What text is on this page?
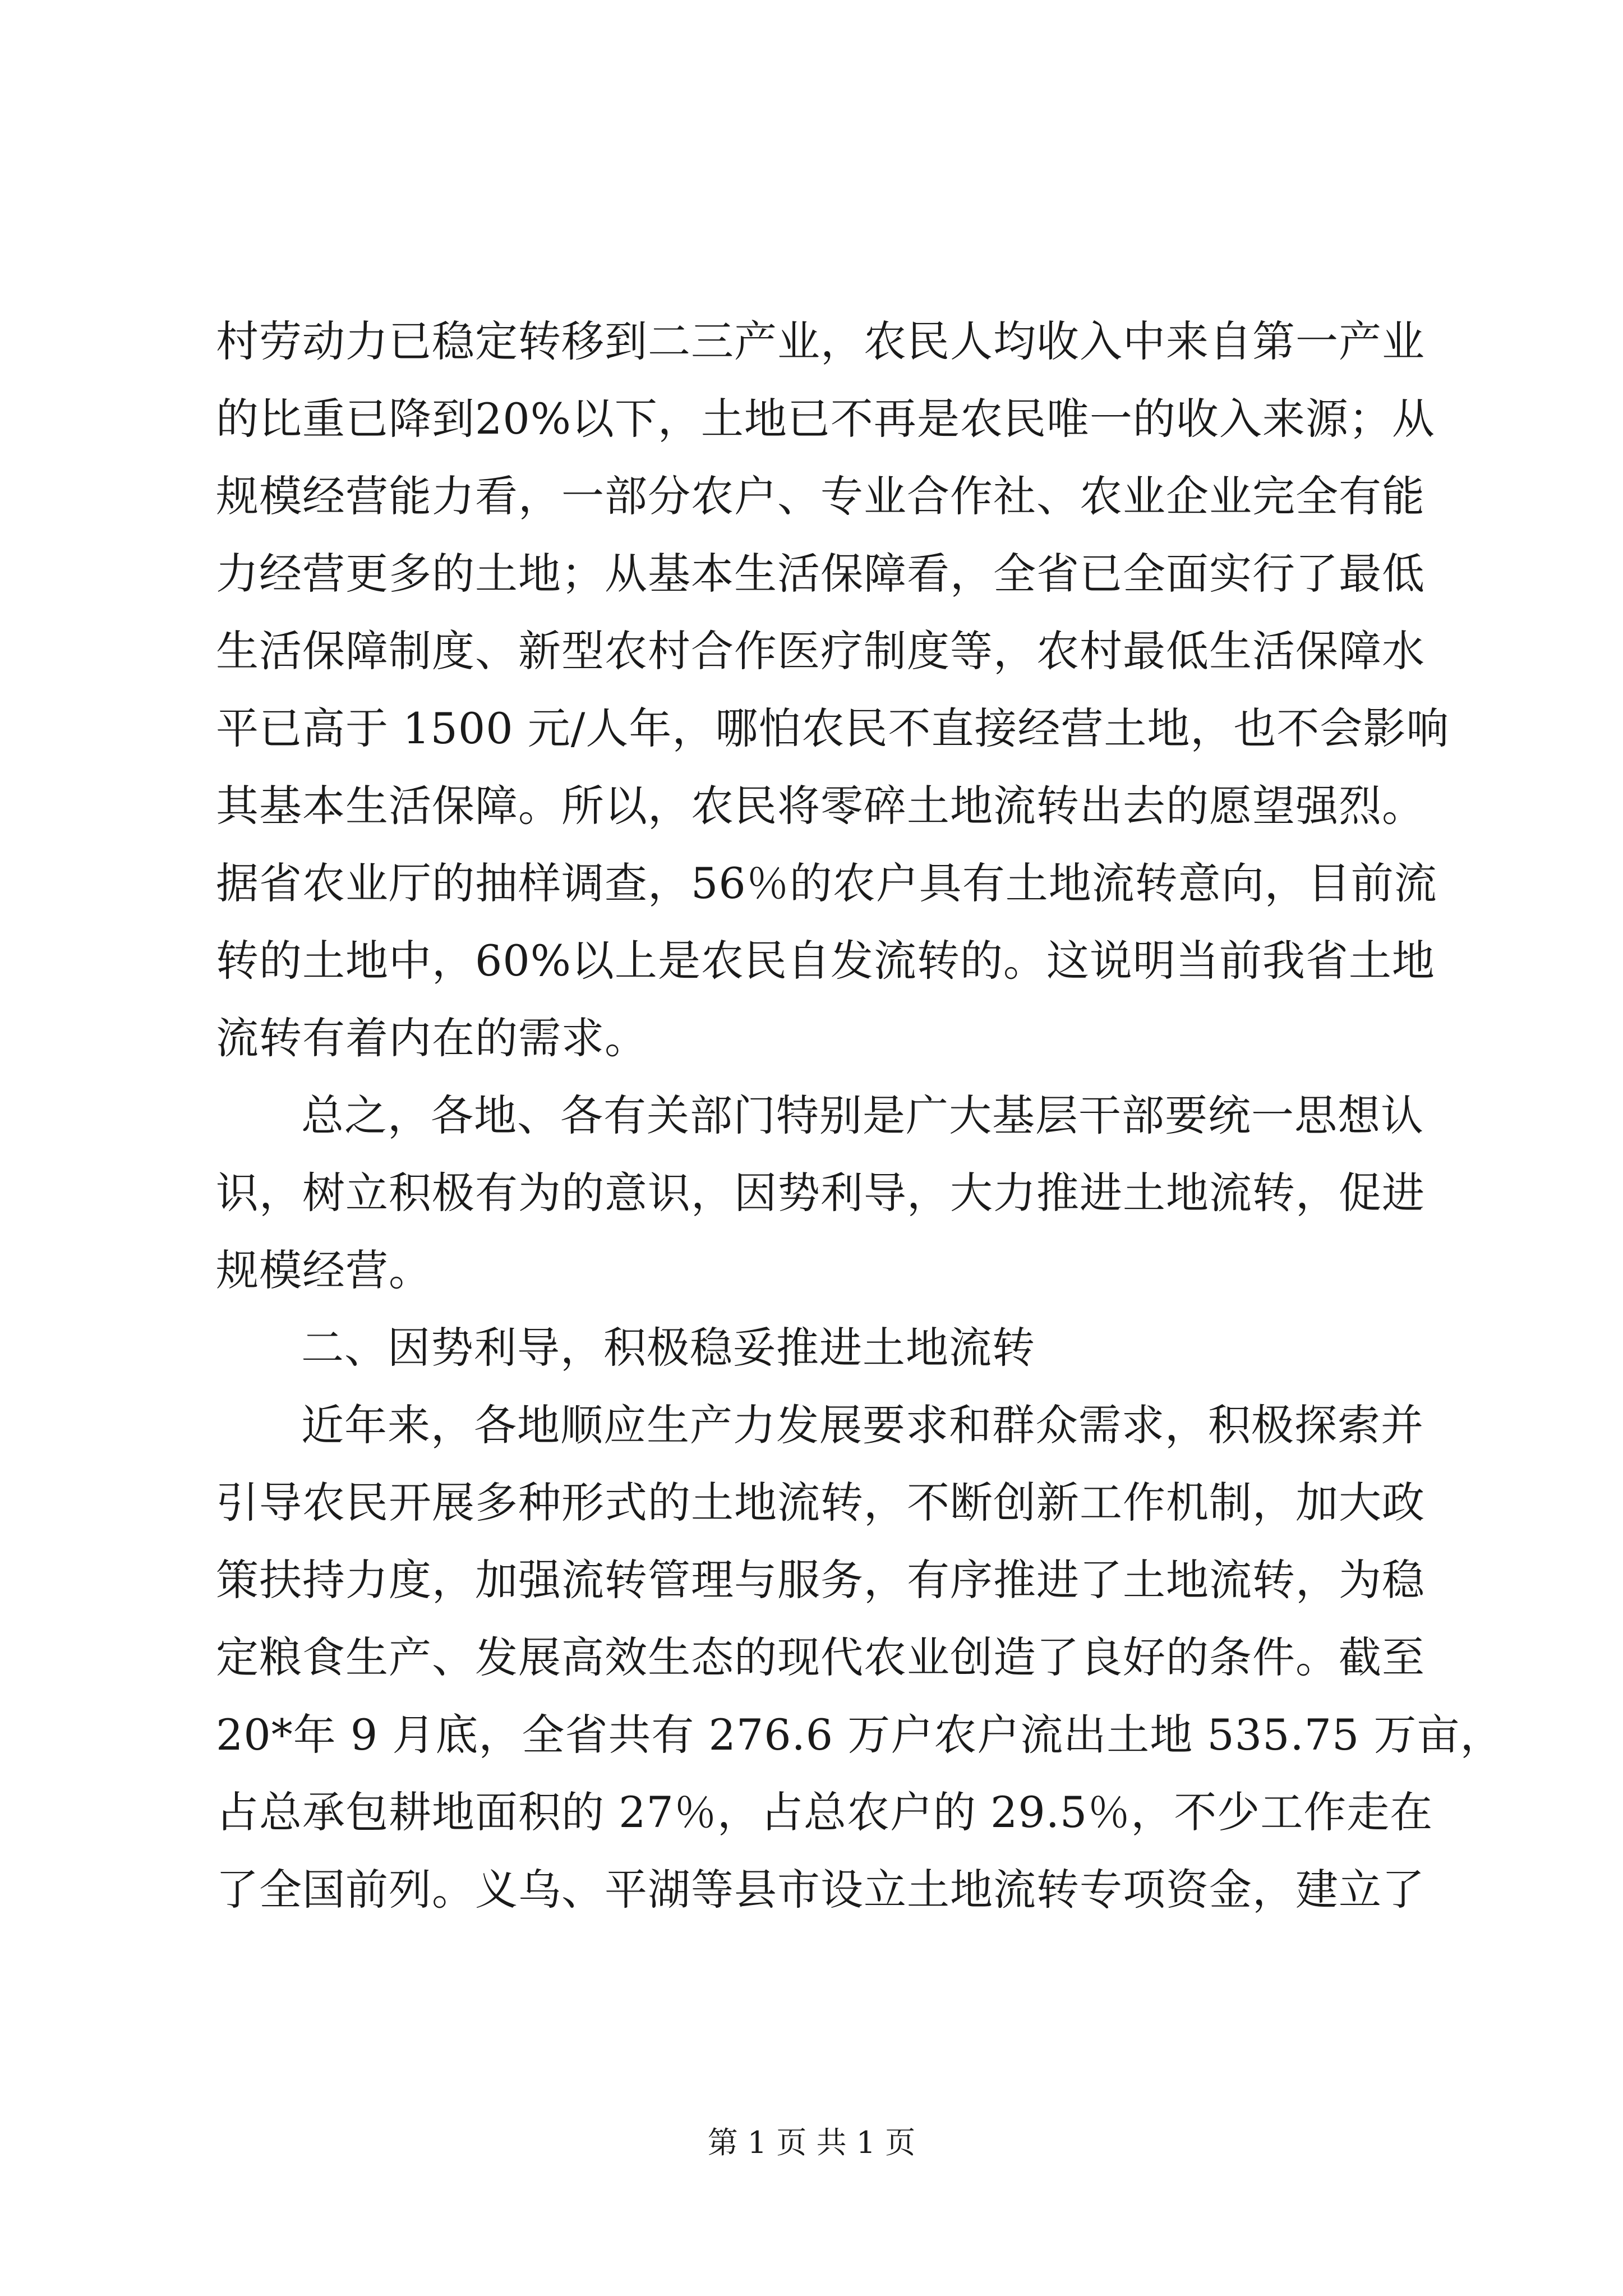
村劳动力已稳定转移到二三产业，农民人均收入中来自第一产业
的比重已降到20%以下，土地已不再是农民唯一的收入来源；从
规模经营能力看，一部分农户、专业合作社、农业企业完全有能
力经营更多的土地；从基本生活保障看，全省已全面实行了最低
生活保障制度、新型农村合作医疗制度等，农村最低生活保障水
平已高于 1500 元/人年，哪怕农民不直接经营土地，也不会影响
其基本生活保障。所以，农民将零碎土地流转出去的愿望强烈。
据省农业厅的抽样调查，56％的农户具有土地流转意向，目前流
转的土地中，60%以上是农民自发流转的。这说明当前我省土地
流转有着内在的需求。
总之，各地、各有关部门特别是广大基层干部要统一思想认
识，树立积极有为的意识，因势利导，大力推进土地流转，促进
规模经营。
二、因势利导，积极稳妥推进土地流转
近年来，各地顺应生产力发展要求和群众需求，积极探索并
引导农民开展多种形式的土地流转，不断创新工作机制，加大政
策扶持力度，加强流转管理与服务，有序推进了土地流转，为稳
定粮食生产、发展高效生态的现代农业创造了良好的条件。截至
20*年 9 月底，全省共有 276.6 万户农户流出土地 535.75 万亩，
占总承包耕地面积的 27％，占总农户的 29.5％，不少工作走在
了全国前列。义乌、平湖等县市设立土地流转专项资金，建立了
第 1 页 共 1 页
